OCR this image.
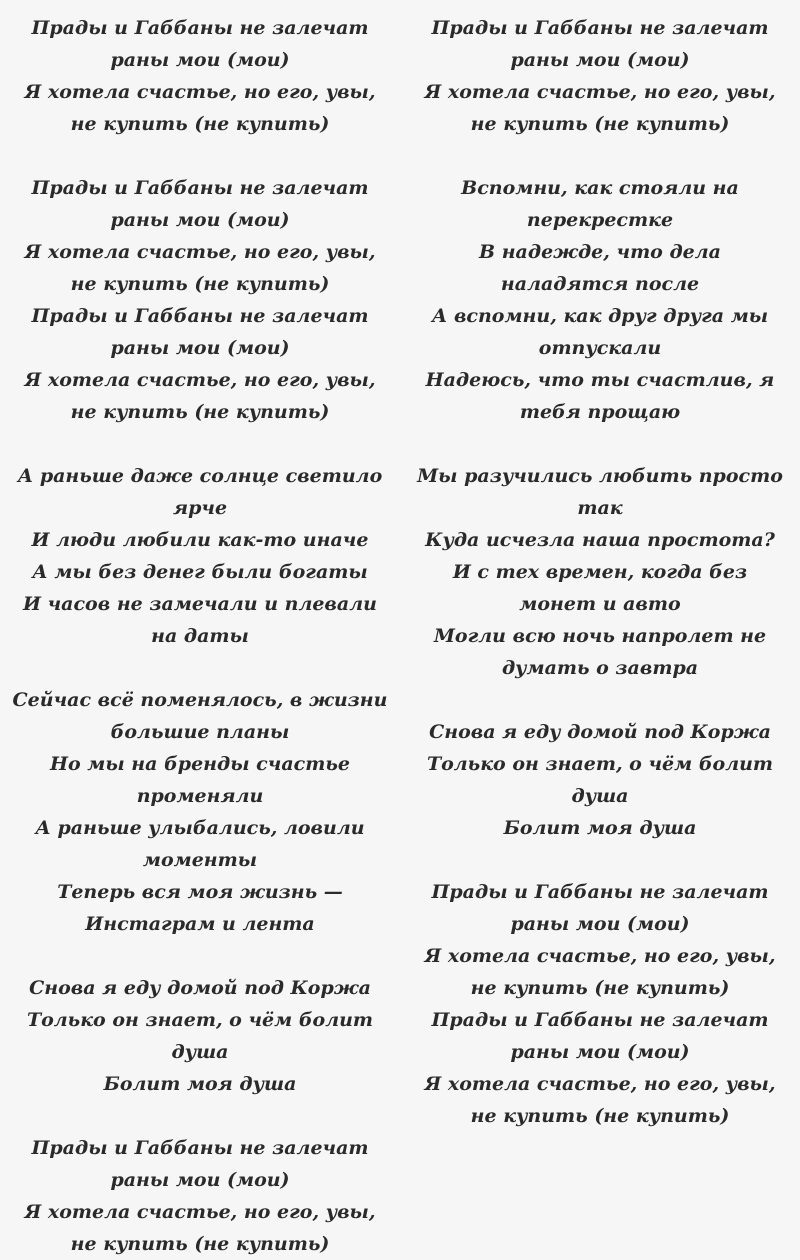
Прады и Габбаны не залечат раны мои (мои)

Я хотела счастье, но его, увы, не купить (не купить)

Прады и Габбаны не залечат раны мои (мои)

Я хотела счастье, но его, увы, не купить (не купить)

Прады и Габбаны не залечат раны мои (мои)

Я хотела счастье, но его, увы, не купить (не купить)

А раньше даже солнце светило ярче

И люди любили как-то иначе

А мы без денег были богаты

И часов не замечали и плевали на даты

Сейчас всё поменялось, в жизни большие планы

Но мы на бренды счастье променяли

А раньше улыбались, ловили моменты

Теперь вся моя жизнь — Инстаграм и лента

Снова я еду домой под Коржа

Только он знает, о чём болит душа

Болит моя душа

Прады и Габбаны не залечат раны мои (мои)

Я хотела счастье, но его, увы, не купить (не купить)

Прады и Габбаны не залечат раны мои (мои)

Я хотела счастье, но его, увы, не купить (не купить)

Вспомни, как стояли на перекрестке

В надежде, что дела наладятся после

А вспомни, как друг друга мы отпускали

Надеюсь, что ты счастлив, я тебя прощаю

Мы разучились любить просто так

Куда исчезла наша простота?

И с тех времен, когда без монет и авто

Могли всю ночь напролет не думать о завтра

Снова я еду домой под Коржа

Только он знает, о чём болит душа

Болит моя душа

Прады и Габбаны не залечат раны мои (мои)

Я хотела счастье, но его, увы, не купить (не купить)

Прады и Габбаны не залечат раны мои (мои)

Я хотела счастье, но его, увы, не купить (не купить)
